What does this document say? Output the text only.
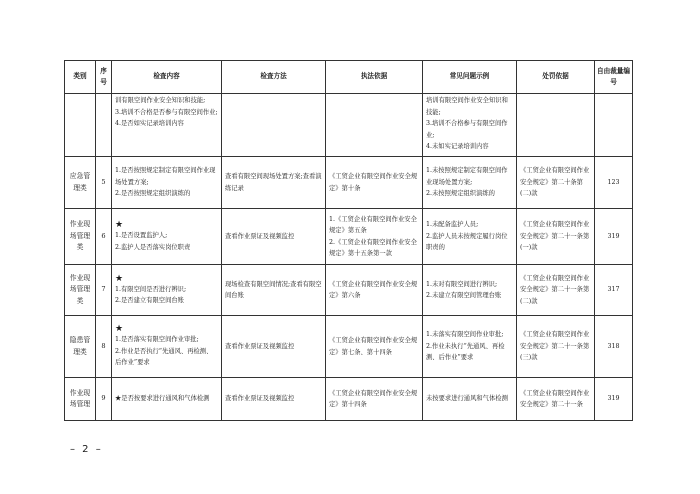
类别	序号	检查内容	检查方法	执法依据	常见问题示例	处罚依据	自由裁量编号

		训有限空间作业安全知识和技能;
3.培训不合格是否参与有限空间作业;
4.是否如实记录培训内容			培训有限空间作业安全知识和技能;
3.培训不合格参与有限空间作业;
4.未如实记录培训内容		

应急管理类	5	1.是否按照规定制定有限空间作业现场处置方案;
2.是否按照规定组织演练的	查看有限空间现场处置方案;查看演练记录	《工贸企业有限空间作业安全规定》第十条	1.未按照规定制定有限空间作业现场处置方案;
2.未按照规定组织演练的	《工贸企业有限空间作业安全规定》第二十条第(二)款	123
作业现场管理类	6	★
1.是否设置监护人;
2.监护人是否落实岗位职责	查看作业票证及视频监控	1.《工贸企业有限空间作业安全规定》第五条
2.《工贸企业有限空间作业安全规定》第十五条第一款	1.未配备监护人员;
2.监护人员未按规定履行岗位职责的	《工贸企业有限空间作业安全规定》第二十一条第(一)款	319
作业现场管理类	7	★
1.有限空间是否进行辨识;
2.是否建立有限空间台账	现场检查有限空间情况;查看有限空间台账	《工贸企业有限空间作业安全规定》第六条	1.未对有限空间进行辨识;
2.未建立有限空间管理台账	《工贸企业有限空间作业安全规定》第二十一条第(二)款	317
隐患管理类	8	★
1.是否落实有限空间作业审批;
2.作业是否执行“先通风、再检测、后作业”要求	查看作业票证及视频监控	《工贸企业有限空间作业安全规定》第七条、第十四条	1.未落实有限空间作业审批;
2.作业未执行“先通风、再检测、后作业”要求	《工贸企业有限空间作业安全规定》第二十一条第(三)款	318
作业现场管理	9	★是否按要求进行通风和气体检测	查看作业票证及视频监控	《工贸企业有限空间作业安全规定》第十四条	未按要求进行通风和气体检测	《工贸企业有限空间作业安全规定》第二十一条	319
– 2 –
